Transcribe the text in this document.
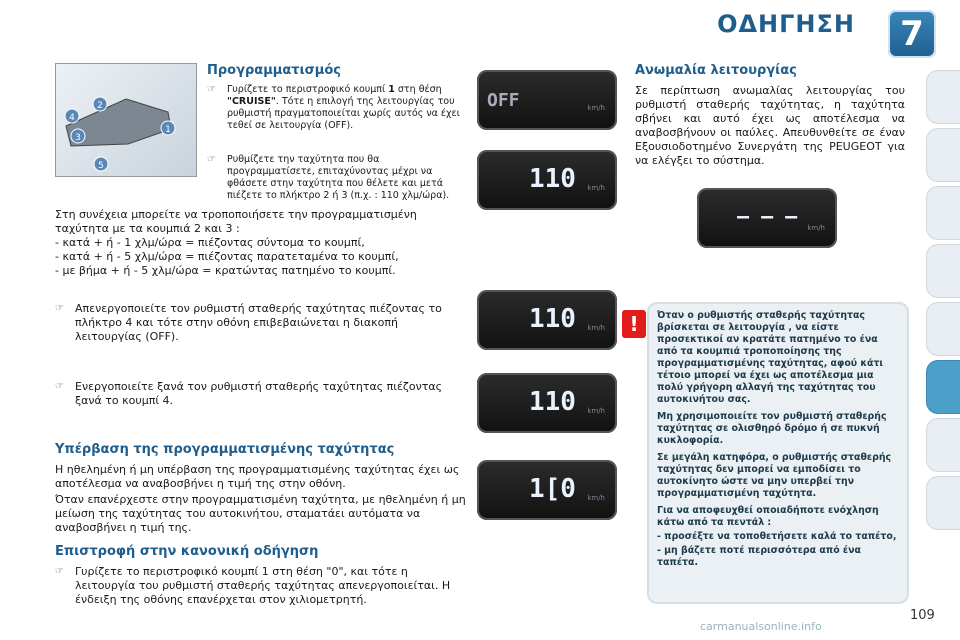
ΟΔΗΓΗΣΗ	7
2
4
3
1
5
Προγραμματισμός
☞	Γυρίζετε το περιστροφικό κουμπί 1 στη θέση "CRUISE". Τότε η επιλογή της λειτουργίας του ρυθμιστή πραγματοποιείται χωρίς αυτός να έχει τεθεί σε λειτουργία (OFF).

☞	Ρυθμίζετε την ταχύτητα που θα προγραμματίσετε, επιταχύνοντας μέχρι να φθάσετε στην ταχύτητα που θέλετε και μετά πιέζετε το πλήκτρο 2 ή 3 (π.χ. : 110 χλμ/ώρα).

Στη συνέχεια μπορείτε να τροποποιήσετε την προγραμματισμένη ταχύτητα με τα κουμπιά 2 και 3 :

- κατά + ή - 1 χλμ/ώρα = πιέζοντας σύντομα το κουμπί,

- κατά + ή - 5 χλμ/ώρα = πιέζοντας παρατεταμένα το κουμπί,

- με βήμα + ή - 5 χλμ/ώρα = κρατώντας πατημένο το κουμπί.

☞	Απενεργοποιείτε τον ρυθμιστή σταθερής ταχύτητας πιέζοντας το πλήκτρο 4 και τότε στην οθόνη επιβεβαιώνεται η διακοπή λειτουργίας (OFF).

☞	Ενεργοποιείτε ξανά τον ρυθμιστή σταθερής ταχύτητας πιέζοντας ξανά το κουμπί 4.

Υπέρβαση της προγραμματισμένης ταχύτητας

Η ηθελημένη ή μη υπέρβαση της προγραμματισμένης ταχύτητας έχει ως αποτέλεσμα να αναβοσβήνει η τιμή της στην οθόνη.

Όταν επανέρχεστε στην προγραμματισμένη ταχύτητα, με ηθελημένη ή μη μείωση της ταχύτητας του αυτοκινήτου, σταματάει αυτόματα να αναβοσβήνει η τιμή της.

Επιστροφή στην κανονική οδήγηση
☞	Γυρίζετε το περιστροφικό κουμπί 1 στη θέση "0", και τότε η λειτουργία του ρυθμιστή σταθερής ταχύτητας απενεργοποιείται. Η ένδειξη της οθόνης επανέρχεται στον χιλιομετρητή.

OFF	km/h
110 km/h
– – – km/h
110 km/h
110 km/h
1[0 km/h
Ανωμαλία λειτουργίας

Σε περίπτωση ανωμαλίας λειτουργίας του ρυθμιστή σταθερής ταχύτητας, η ταχύτητα σβήνει και αυτό έχει ως αποτέλεσμα να αναβοσβήνουν οι παύλες. Απευθυνθείτε σε έναν Εξουσιοδοτημένο Συνεργάτη της PEUGEOT για να ελέγξει το σύστημα.

!	Όταν ο ρυθμιστής σταθερής ταχύτητας βρίσκεται σε λειτουργία , να είστε προσεκτικοί αν κρατάτε πατημένο το ένα από τα κουμπιά τροποποίησης της προγραμματισμένης ταχύτητας, αφού κάτι τέτοιο μπορεί να έχει ως αποτέλεσμα μια πολύ γρήγορη αλλαγή της ταχύτητας του αυτοκινήτου σας.

Μη χρησιμοποιείτε τον ρυθμιστή σταθερής ταχύτητας σε ολισθηρό δρόμο ή σε πυκνή κυκλοφορία.

Σε μεγάλη κατηφόρα, ο ρυθμιστής σταθερής ταχύτητας δεν μπορεί να εμποδίσει το αυτοκίνητο ώστε να μην υπερβεί την προγραμματισμένη ταχύτητα.

Για να αποφευχθεί οποιαδήποτε ενόχληση κάτω από τα πεντάλ :

- προσέξτε να τοποθετήσετε καλά το ταπέτο,

- μη βάζετε ποτέ περισσότερα από ένα ταπέτα.

109
carmanualsonline.info
